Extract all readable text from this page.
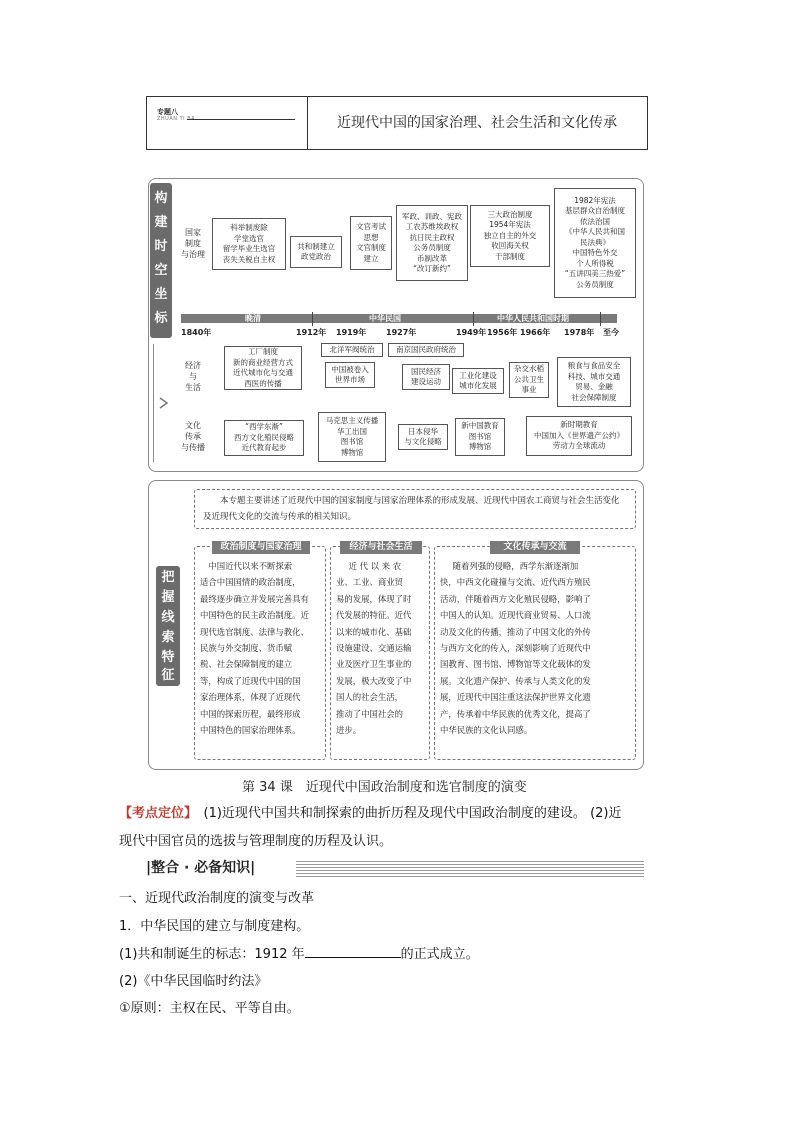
专题八
ZHUAN TI BA	近现代中国的国家治理、社会生活和文化传承
构
建
时
空
坐
标
国家
制度
与治理
经济
与
生活
文化
传承
与传播
科举制废除
学堂选官
留学毕业生选官
丧失关税自主权
共和制建立
政党政治
文官考试
思想
文官制度
建立
军政、训政、宪政
工农苏维埃政权
抗日民主政权
公务员制度
币制改革
“改订新约”
三大政治制度
1954年宪法
独立自主的外交
收回海关权
干部制度
1982年宪法
基层群众自治制度
依法治国
《中华人民共和国
民法典》
中国特色外交
个人所得税
“五讲四美三热爱”
公务员制度
晚清	中华民国	中华人民共和国时期
1840年	1912年 1919年 1927年	1949年 1956年 1966年 1978年 至今
工厂制度
新的商业经营方式
近代城市化与交通
西医的传播
北洋军阀统治	南京国民政府统治
中国被卷入
世界市场
国民经济
建设运动
工业化建设
城市化发展
杂交水稻
公共卫生
事业
粮食与食品安全
科技、城市交通
贸易、金融
社会保障制度
“西学东渐”
西方文化殖民侵略
近代教育起步
马克思主义传播
华工出国
图书馆
博物馆
日本侵华
与文化侵略
新中国教育
图书馆
博物馆
新时期教育
中国加入《世界遗产公约》
劳动力全球流动
把
握
线
索
特
征
本专题主要讲述了近现代中国的国家制度与国家治理体系的形成发展、近现代中国农工商贸与社会生活变化及近现代文化的交流与传承的相关知识。
政治制度与国家治理
中国近代以来不断探索
适合中国国情的政治制度，
最终逐步确立并发展完善具有
中国特色的民主政治制度。近
现代选官制度、法律与教化、
民族与外交制度、货币赋
税、社会保障制度的建立
等，构成了近现代中国的国
家治理体系，体现了近现代
中国的探索历程，最终形成
中国特色的国家治理体系。
经济与社会生活
近 代 以 来 农
业、工业、商业贸
易的发展，体现了时
代发展的特征。近代
以来的城市化、基础
设施建设、交通运输
业及医疗卫生事业的
发展，极大改变了中
国人的社会生活，
推动了中国社会的
进步。
文化传承与交流
随着列强的侵略，西学东渐逐渐加
快，中西文化碰撞与交流、近代西方殖民
活动，伴随着西方文化殖民侵略，影响了
中国人的认知。近现代商业贸易、人口流
动及文化的传播，推动了中国文化的外传
与西方文化的传入，深刻影响了近现代中
国教育、图书馆、博物馆等文化载体的发
展。文化遗产保护、传承与人类文化的发
展，近现代中国注重这法保护世界文化遗
产，传承着中华民族的优秀文化，提高了
中华民族的文化认同感。
第 34 课　近现代中国政治制度和选官制度的演变
【考点定位】　(1)近现代中国共和制探索的曲折历程及现代中国政治制度的建设。 (2)近
现代中国官员的选拔与管理制度的历程及认识。
|整合 · 必备知识|
一、近现代政治制度的演变与改革
1．中华民国的建立与制度建构。
(1)共和制诞生的标志：1912 年	的正式成立。
(2)《中华民国临时约法》
①原则：主权在民、平等自由。
